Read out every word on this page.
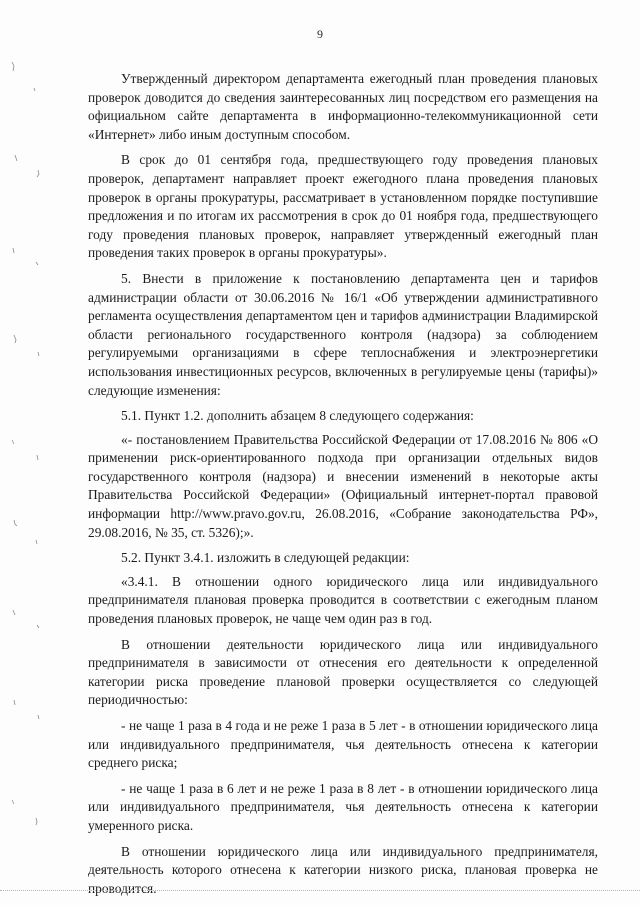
9

Утвержденный директором департамента ежегодный план проведения плановых проверок доводится до сведения заинтересованных лиц посредством его размещения на официальном сайте департамента в информационно-телекоммуникационной сети «Интернет» либо иным доступным способом.

В срок до 01 сентября года, предшествующего году проведения плановых проверок, департамент направляет проект ежегодного плана проведения плановых проверок в органы прокуратуры, рассматривает в установленном порядке поступившие предложения и по итогам их рассмотрения в срок до 01 ноября года, предшествующего году проведения плановых проверок, направляет утвержденный ежегодный план проведения таких проверок в органы прокуратуры».

5. Внести в приложение к постановлению департамента цен и тарифов администрации области от 30.06.2016 № 16/1 «Об утверждении административного регламента осуществления департаментом цен и тарифов администрации Владимирской области регионального государственного контроля (надзора) за соблюдением регулируемыми организациями в сфере теплоснабжения и электроэнергетики использования инвестиционных ресурсов, включенных в регулируемые цены (тарифы)» следующие изменения:

5.1. Пункт 1.2. дополнить абзацем 8 следующего содержания:

«- постановлением Правительства Российской Федерации от 17.08.2016 № 806 «О применении риск-ориентированного подхода при организации отдельных видов государственного контроля (надзора) и внесении изменений в некоторые акты Правительства Российской Федерации» (Официальный интернет-портал правовой информации http://www.pravo.gov.ru, 26.08.2016, «Собрание законодательства РФ», 29.08.2016, № 35, ст. 5326);».

5.2. Пункт 3.4.1. изложить в следующей редакции:

«3.4.1. В отношении одного юридического лица или индивидуального предпринимателя плановая проверка проводится в соответствии с ежегодным планом проведения плановых проверок, не чаще чем один раз в год.

В отношении деятельности юридического лица или индивидуального предпринимателя в зависимости от отнесения его деятельности к определенной категории риска проведение плановой проверки осуществляется со следующей периодичностью:

- не чаще 1 раза в 4 года и не реже 1 раза в 5 лет - в отношении юридического лица или индивидуального предпринимателя, чья деятельность отнесена к категории среднего риска;

- не чаще 1 раза в 6 лет и не реже 1 раза в 8 лет - в отношении юридического лица или индивидуального предпринимателя, чья деятельность отнесена к категории умеренного риска.

В отношении юридического лица или индивидуального предпринимателя, деятельность которого отнесена к категории низкого риска, плановая проверка не проводится.
